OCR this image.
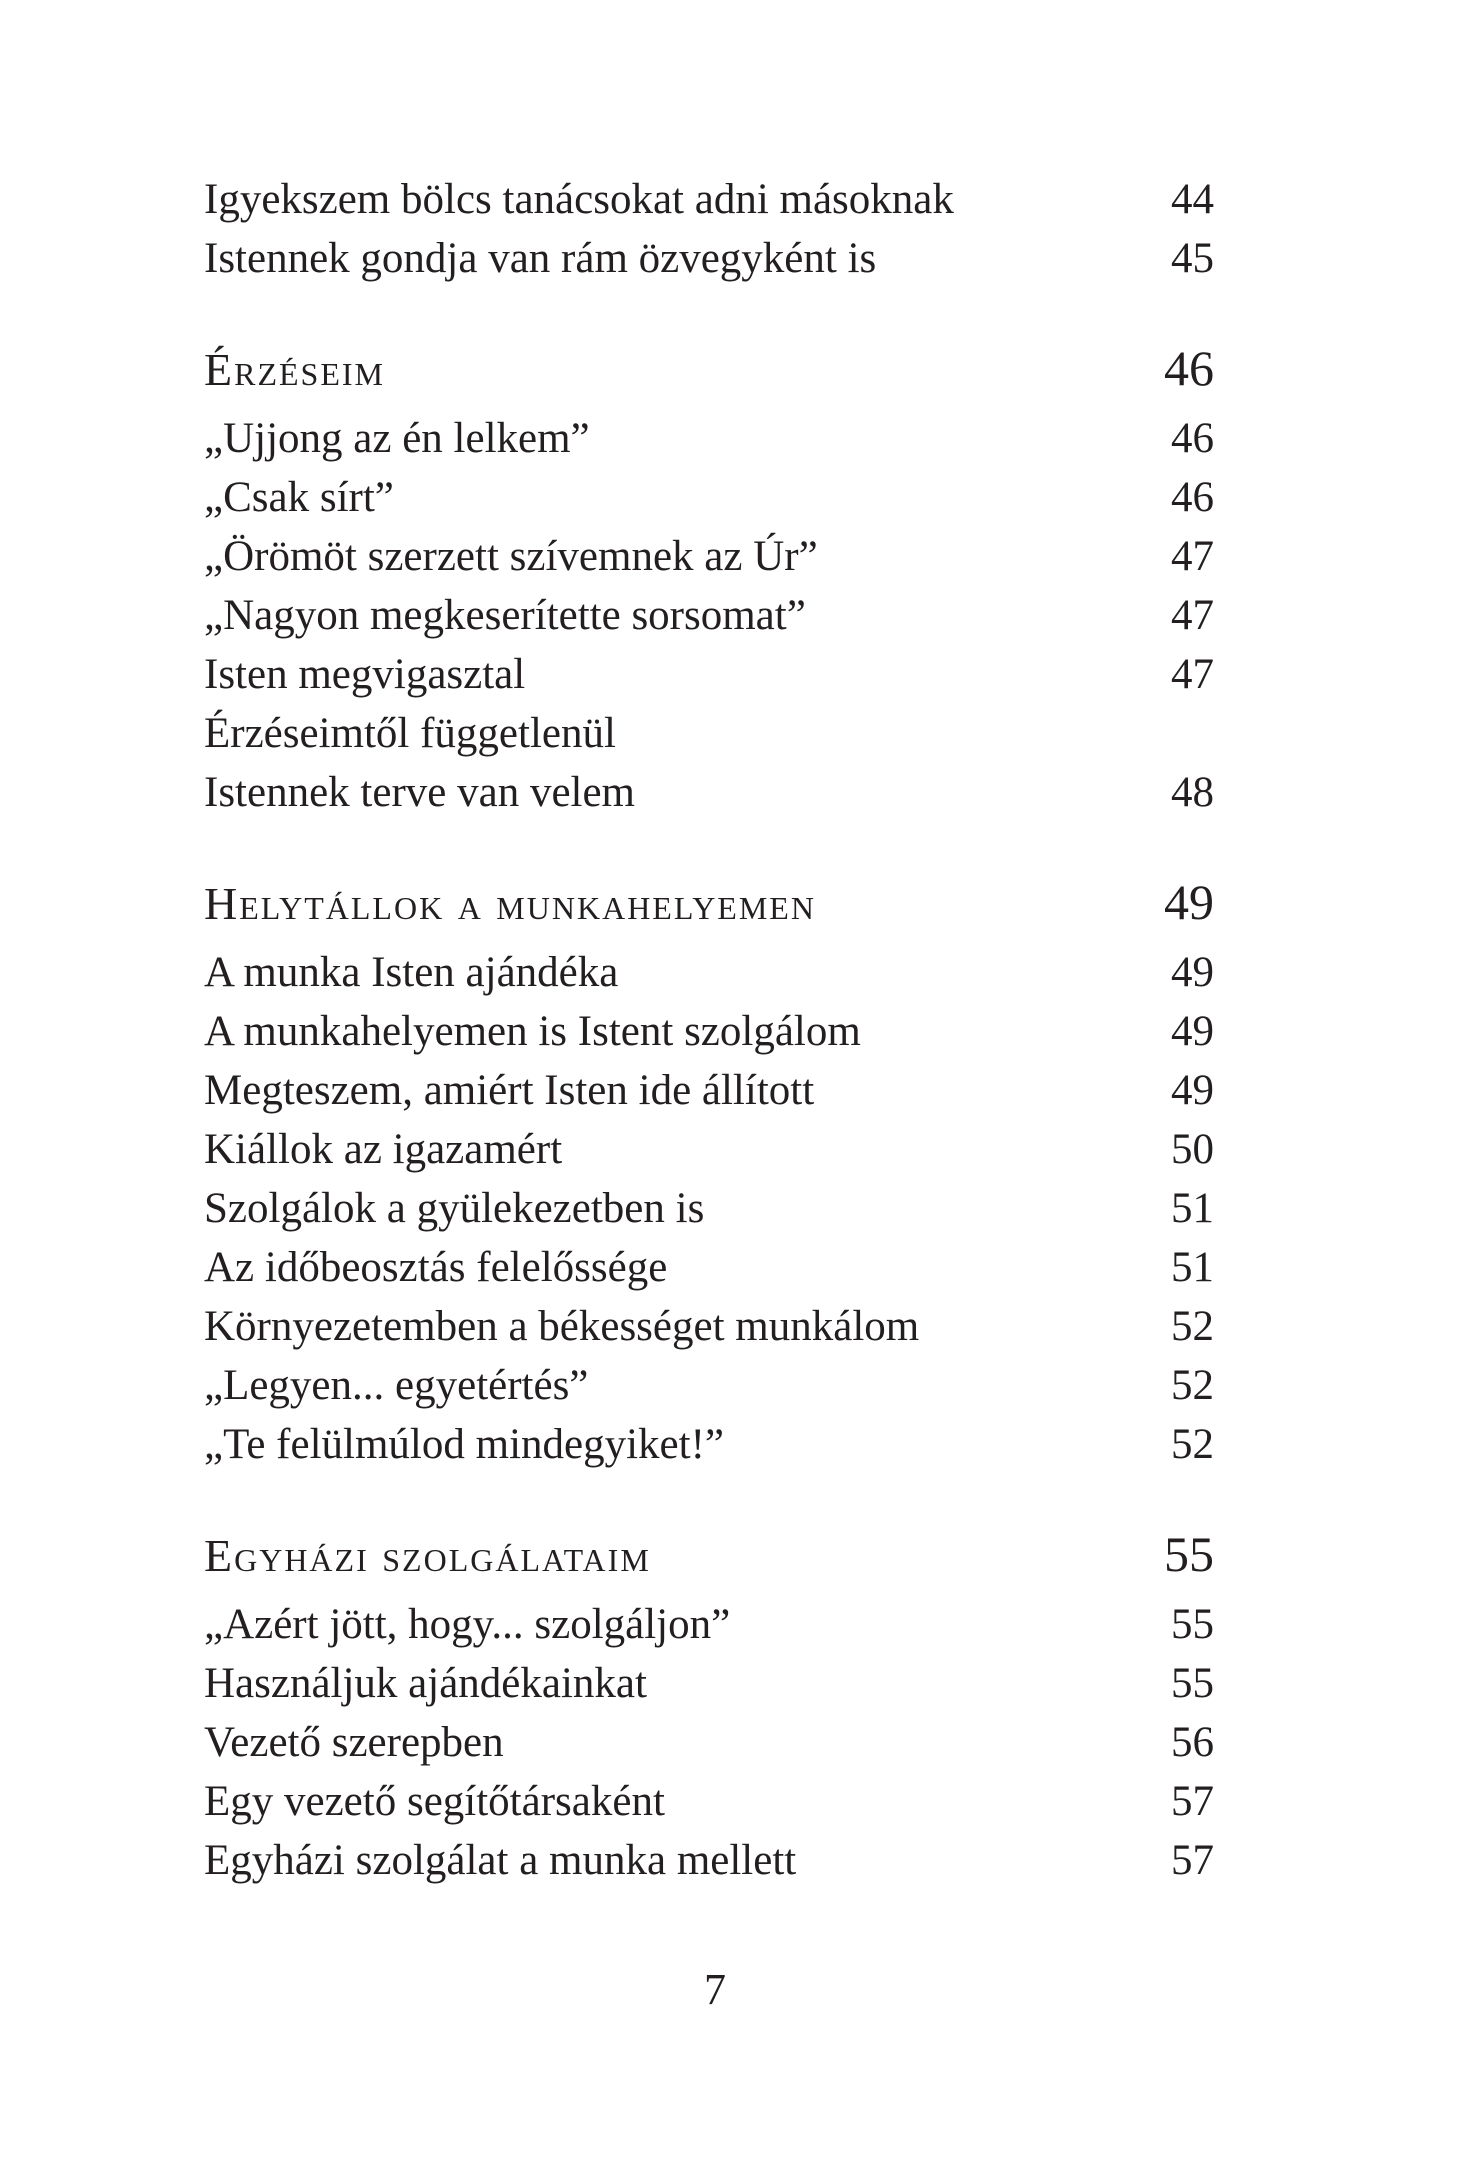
Igyekszem bölcs tanácsokat adni másoknak	44
Istennek gondja van rám özvegyként is	45
Érzéseim	46
„Ujjong az én lelkem”	46
„Csak sírt”	46
„Örömöt szerzett szívemnek az Úr”	47
„Nagyon megkeserítette sorsomat”	47
Isten megvigasztal	47
Érzéseimtől függetlenül
Istennek terve van velem	48
Helytállok a munkahelyemen	49
A munka Isten ajándéka	49
A munkahelyemen is Istent szolgálom	49
Megteszem, amiért Isten ide állított	49
Kiállok az igazamért	50
Szolgálok a gyülekezetben is	51
Az időbeosztás felelőssége	51
Környezetemben a békességet munkálom	52
„Legyen... egyetértés”	52
„Te felülmúlod mindegyiket!”	52
Egyházi szolgálataim	55
„Azért jött, hogy... szolgáljon”	55
Használjuk ajándékainkat	55
Vezető szerepben	56
Egy vezető segítőtársaként	57
Egyházi szolgálat a munka mellett	57
7
